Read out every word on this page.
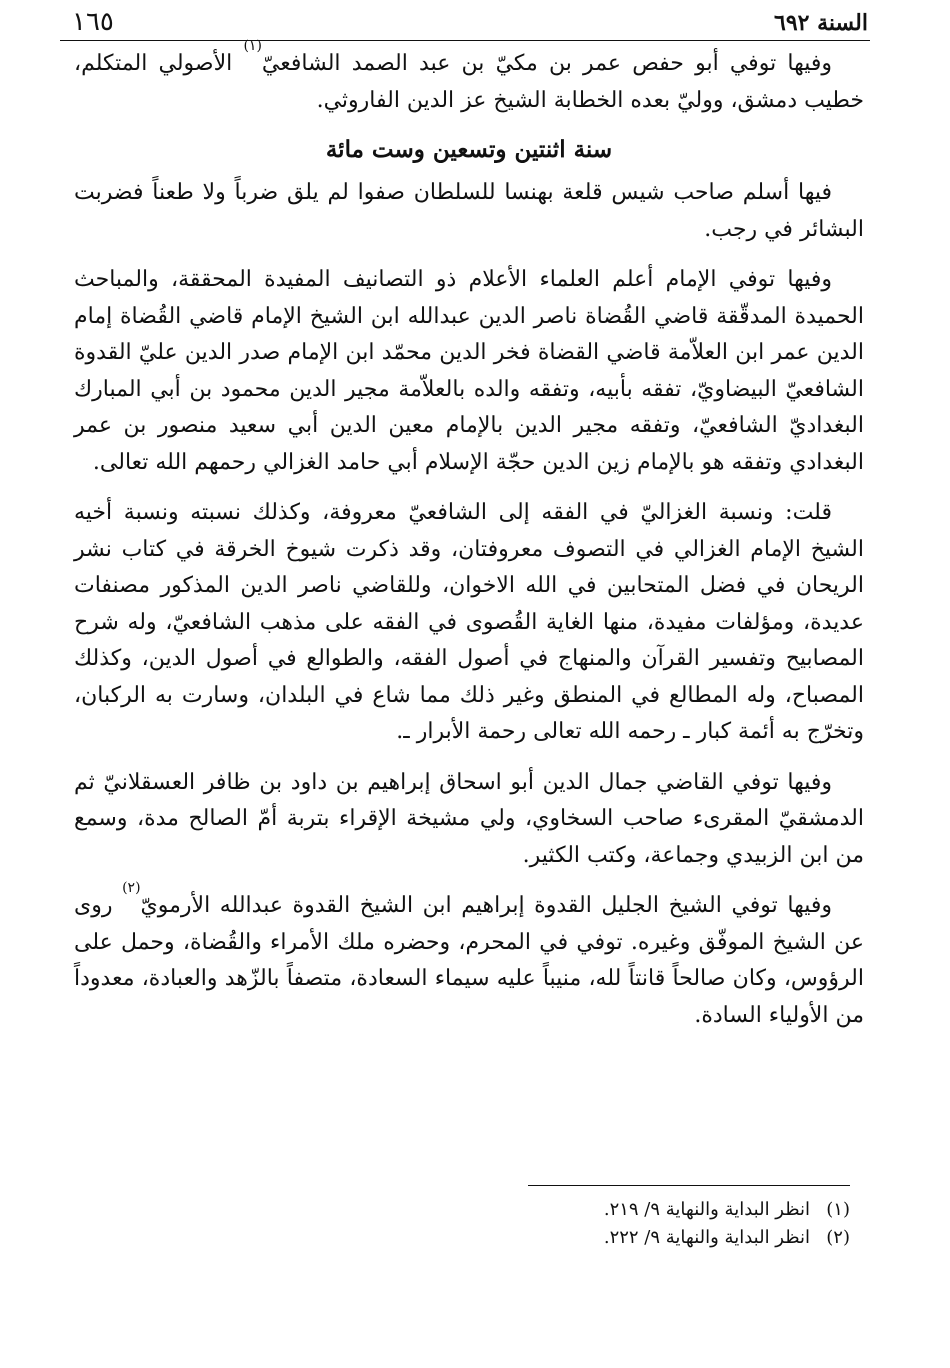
١٦٥	السنة ٦٩٢

وفيها توفي أبو حفص عمر بن مكيّ بن عبد الصمد الشافعيّ$^{(١)}$ الأصولي المتكلم، خطيب دمشق، ووليّ بعده الخطابة الشيخ عز الدين الفاروثي.

سنة اثنتين وتسعين وست مائة

فيها أسلم صاحب شيس قلعة بهنسا للسلطان صفوا لم يلق ضرباً ولا طعناً فضربت البشائر في رجب.

وفيها توفي الإمام أعلم العلماء الأعلام ذو التصانيف المفيدة المحققة، والمباحث الحميدة المدقّقة قاضي القُضاة ناصر الدين عبدالله ابن الشيخ الإمام قاضي القُضاة إمام الدين عمر ابن العلاّمة قاضي القضاة فخر الدين محمّد ابن الإمام صدر الدين عليّ القدوة الشافعيّ البيضاويّ، تفقه بأبيه، وتفقه والده بالعلاّمة مجير الدين محمود بن أبي المبارك البغداديّ الشافعيّ، وتفقه مجير الدين بالإمام معين الدين أبي سعيد منصور بن عمر البغدادي وتفقه هو بالإمام زين الدين حجّة الإسلام أبي حامد الغزالي رحمهم الله تعالى.

قلت: ونسبة الغزاليّ في الفقه إلى الشافعيّ معروفة، وكذلك نسبته ونسبة أخيه الشيخ الإمام الغزالي في التصوف معروفتان، وقد ذكرت شيوخ الخرقة في كتاب نشر الريحان في فضل المتحابين في الله الاخوان، وللقاضي ناصر الدين المذكور مصنفات عديدة، ومؤلفات مفيدة، منها الغاية القُصوى في الفقه على مذهب الشافعيّ، وله شرح المصابيح وتفسير القرآن والمنهاج في أصول الفقه، والطوالع في أصول الدين، وكذلك المصباح، وله المطالع في المنطق وغير ذلك مما شاع في البلدان، وسارت به الركبان، وتخرّج به أئمة كبار ـ رحمه الله تعالى رحمة الأبرار ـ.

وفيها توفي القاضي جمال الدين أبو اسحاق إبراهيم بن داود بن ظافر العسقلانيّ ثم الدمشقيّ المقرىء صاحب السخاوي، ولي مشيخة الإقراء بتربة أمّ الصالح مدة، وسمع من ابن الزبيدي وجماعة، وكتب الكثير.

وفيها توفي الشيخ الجليل القدوة إبراهيم ابن الشيخ القدوة عبدالله الأرمويّ$^{(٢)}$ روى عن الشيخ الموفّق وغيره. توفي في المحرم، وحضره ملك الأمراء والقُضاة، وحمل على الرؤوس، وكان صالحاً قانتاً لله، منيباً عليه سيماء السعادة، متصفاً بالزّهد والعبادة، معدوداً من الأولياء السادة.

(١)انظر البداية والنهاية ٩/ ٢١٩.

(٢)انظر البداية والنهاية ٩/ ٢٢٢.
